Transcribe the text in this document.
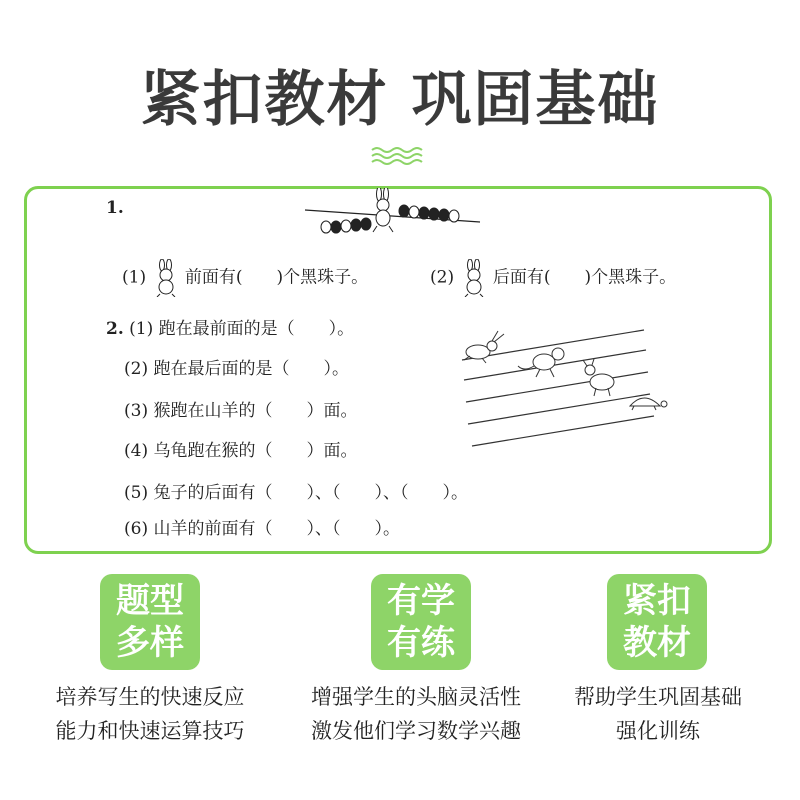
紧扣教材 巩固基础
1.
(1) 前面有(　　)个黑珠子。	(2) 后面有(　　)个黑珠子。
2. (1) 跑在最前面的是（　　）。
(2) 跑在最后面的是（　　）。
(3) 猴跑在山羊的（　　）面。
(4) 乌龟跑在猴的（　　）面。
(5) 兔子的后面有（　　）、（　　）、（　　）。
(6) 山羊的前面有（　　）、（　　）。
题型
多样
有学
有练
紧扣
教材
培养写生的快速反应
能力和快速运算技巧
增强学生的头脑灵活性
激发他们学习数学兴趣
帮助学生巩固基础
强化训练
